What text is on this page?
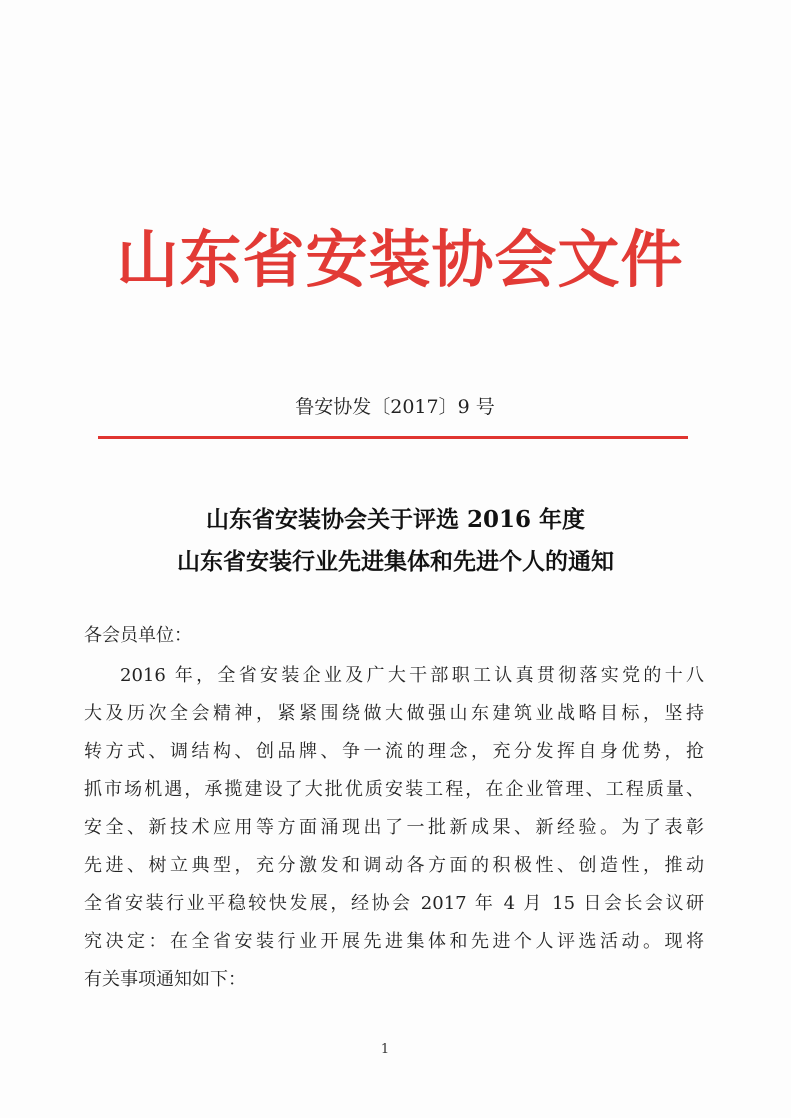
山东省安装协会文件
鲁安协发〔2017〕9 号
山东省安装协会关于评选 2016 年度
山东省安装行业先进集体和先进个人的通知
各会员单位：
2016 年，全省安装企业及广大干部职工认真贯彻落实党的十八
大及历次全会精神，紧紧围绕做大做强山东建筑业战略目标，坚持
转方式、调结构、创品牌、争一流的理念，充分发挥自身优势，抢
抓市场机遇，承揽建设了大批优质安装工程，在企业管理、工程质量、
安全、新技术应用等方面涌现出了一批新成果、新经验。为了表彰
先进、树立典型，充分激发和调动各方面的积极性、创造性，推动
全省安装行业平稳较快发展，经协会 2017 年 4 月 15 日会长会议研
究决定：在全省安装行业开展先进集体和先进个人评选活动。现将
有关事项通知如下：
1
